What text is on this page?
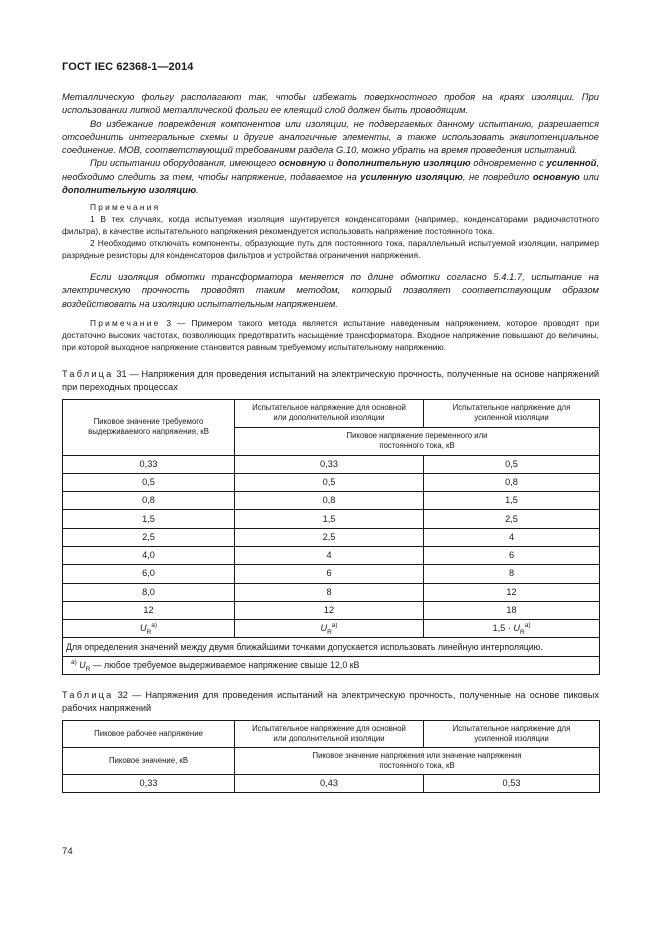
ГОСТ IEC 62368-1—2014

Металлическую фольгу располагают так, чтобы избежать поверхностного пробоя на краях изоляции. При использовании липкой металлической фольги ее клеящий слой должен быть проводящим.

Во избежание повреждения компонентов или изоляции, не подвергаемых данному испытанию, разрешается отсоединить интегральные схемы и другие аналогичные элементы, а также использовать эквипотенциальное соединение. МОВ, соответствующий требованиям раздела G.10, можно убрать на время проведения испытаний.

При испытании оборудования, имеющего основную и дополнительную изоляцию одновременно с усиленной, необходимо следить за тем, чтобы напряжение, подаваемое на усиленную изоляцию, не повредило основную или дополнительную изоляцию.

Примечания

1 В тех случаях, когда испытуемая изоляция шунтируется конденсаторами (например, конденсаторами радиочастотного фильтра), в качестве испытательного напряжения рекомендуется использовать напряжение постоянного тока.

2 Необходимо отключать компоненты, образующие путь для постоянного тока, параллельный испытуемой изоляции, например разрядные резисторы для конденсаторов фильтров и устройства ограничения напряжения.

Если изоляция обмотки трансформатора меняется по длине обмотки согласно 5.4.1.7, испытание на электрическую прочность проводят таким методом, который позволяет соответствующим образом воздействовать на изоляцию испытательным напряжением.

Примечание 3 — Примером такого метода является испытание наведенным напряжением, которое проводят при достаточно высоких частотах, позволяющих предотвратить насыщение трансформатора. Входное напряжение повышают до величины, при которой выходное напряжение становится равным требуемому испытательному напряжению.

Таблица 31 — Напряжения для проведения испытаний на электрическую прочность, полученные на основе напряжений при переходных процессах

Пиковое значение требуемого выдерживаемого напряжения, кВ	Испытательное напряжение для основной или дополнительной изоляции	Испытательное напряжение для усиленной изоляции
	Пиковое напряжение переменного или постоянного тока, кВ	
0,33	0,33	0,5
0,5	0,5	0,8
0,8	0,8	1,5
1,5	1,5	2,5
2,5	2,5	4
4,0	4	6
6,0	6	8
8,0	8	12
12	12	18
$U_R^{a)}$	$U_R^{a)}$	$1,5 \cdot U_R^{a)}$
Для определения значений между двумя ближайшими точками допускается использовать линейную интерполяцию.		
$^{a)}$ $U_R$ — любое требуемое выдерживаемое напряжение свыше 12,0 кВ		

Таблица 32 — Напряжения для проведения испытаний на электрическую прочность, полученные на основе пиковых рабочих напряжений

Пиковое рабочее напряжение	Испытательное напряжение для основной или дополнительной изоляции	Испытательное напряжение для усиленной изоляции
Пиковое значение, кВ	Пиковое значение напряжения или значение напряжения постоянного тока, кВ	
0,33	0,43	0,53
74
